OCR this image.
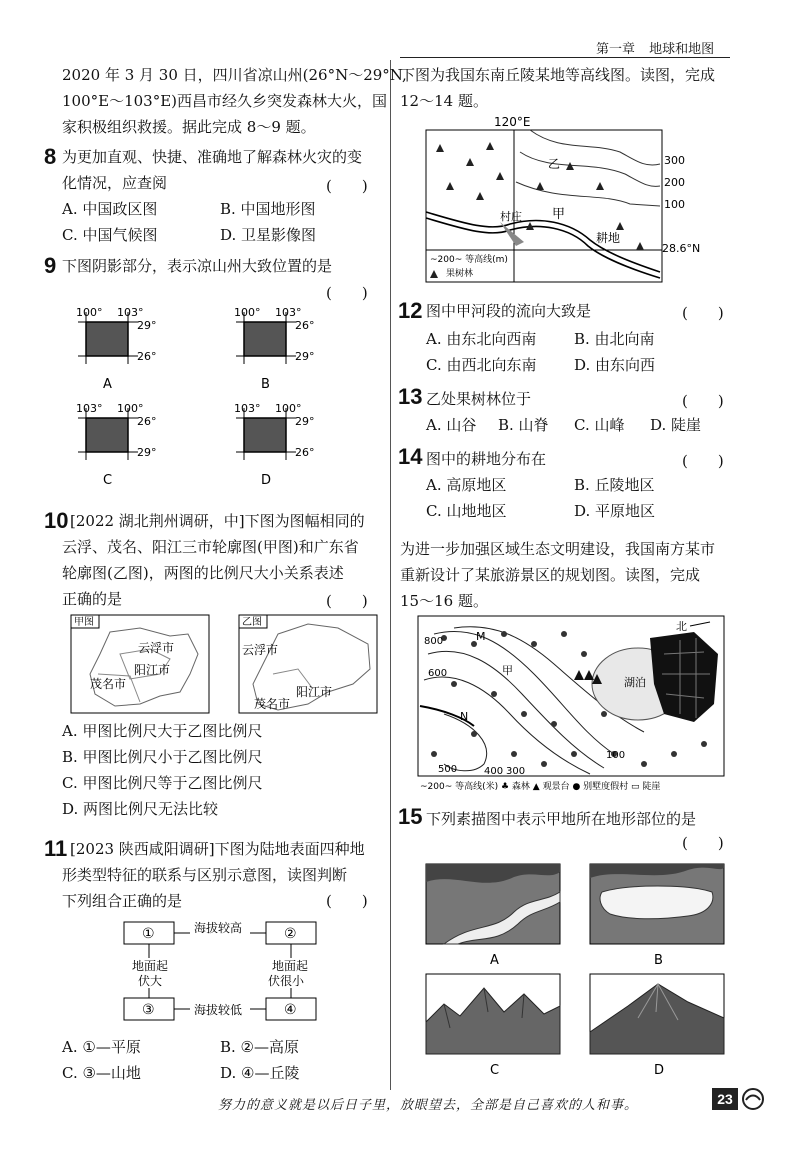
第一章 地球和地图
2020 年 3 月 30 日，四川省凉山州(26°N～29°N,
100°E～103°E)西昌市经久乡突发森林大火，国
家积极组织救援。据此完成 8～9 题。
8 为更加直观、快捷、准确地了解森林火灾的变
化情况，应查阅	(　　)
A. 中国政区图	B. 中国地形图
C. 中国气候图	D. 卫星影像图
9 下图阴影部分，表示凉山州大致位置的是
(　　)
100° 103°
29°
26°
A
100° 103°
26°
29°
B
103° 100°
26°
29°
C
103° 100°
29°
26°
D
10 [2022 湖北荆州调研，中]下图为图幅相同的
云浮、茂名、阳江三市轮廓图(甲图)和广东省
轮廓图(乙图)，两图的比例尺大小关系表述
正确的是	(　　)
甲图
云浮市
阳江市
茂名市
乙图
云浮市
阳江市
茂名市
A. 甲图比例尺大于乙图比例尺
B. 甲图比例尺小于乙图比例尺
C. 甲图比例尺等于乙图比例尺
D. 两图比例尺无法比较
11 [2023 陕西咸阳调研]下图为陆地表面四种地
形类型特征的联系与区别示意图，读图判断
下列组合正确的是	(　　)
①	②
③	④
海拔较高
海拔较低
地面起
伏大
地面起
伏很小
A. ①—平原	B. ②—高原
C. ③—山地	D. ④—丘陵
下图为我国东南丘陵某地等高线图。读图，完成
12～14 题。
120°E
300
200
100
村庄 甲
乙
耕地
28.6°N
~200~ 等高线(m)
果树林
12 图中甲河段的流向大致是	(　　)
A. 由东北向西南	B. 由北向南
C. 由西北向东南	D. 由东向西
13 乙处果树林位于	(　　)
A. 山谷 B. 山脊 C. 山峰 D. 陡崖
14 图中的耕地分布在	(　　)
A. 高原地区	B. 丘陵地区
C. 山地地区	D. 平原地区
为进一步加强区域生态文明建设，我国南方某市
重新设计了某旅游景区的规划图。读图，完成
15～16 题。
北
湖泊
800
600
500	400 300
100
M
N
甲
~200~ 等高线(米) ♣ 森林 ▲ 观景台 ● 别墅度假村 ▭ 陡崖
15 下列素描图中表示甲地所在地形部位的是
(　　)
A	B
C	D
努力的意义就是以后日子里，放眼望去，全部是自己喜欢的人和事。	23
